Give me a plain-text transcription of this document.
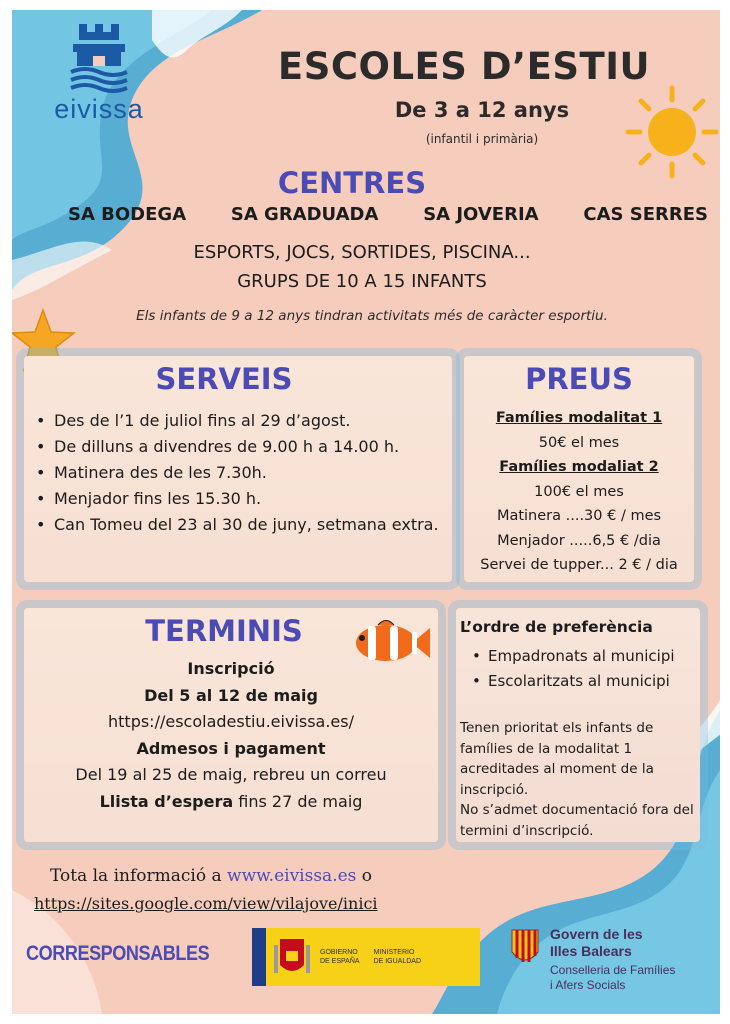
eivissa
ESCOLES D’ESTIU
De 3 a 12 anys
(infantil i primària)
CENTRES
SA BODEGA SA GRADUADA SA JOVERIA CAS SERRES
ESPORTS, JOCS, SORTIDES, PISCINA...
GRUPS DE 10 A 15 INFANTS
Els infants de 9 a 12 anys tindran activitats més de caràcter esportiu.
SERVEIS
• Des de l’1 de juliol fins al 29 d’agost.
• De dilluns a divendres de 9.00 h a 14.00 h.
• Matinera des de les 7.30h.
• Menjador fins les 15.30 h.
• Can Tomeu del 23 al 30 de juny, setmana extra.
PREUS
Famílies modalitat 1
50€ el mes
Famílies modaliat 2
100€ el mes
Matinera ....30 € / mes
Menjador .....6,5 € /dia
Servei de tupper... 2 € / dia
TERMINIS
Inscripció
Del 5 al 12 de maig
https://escoladestiu.eivissa.es/
Admesos i pagament
Del 19 al 25 de maig, rebreu un correu
Llista d’espera fins 27 de maig
L’ordre de preferència
• Empadronats al municipi
• Escolaritzats al municipi
Tenen prioritat els infants de famílies de la modalitat 1 acreditades al moment de la inscripció.
No s’admet documentació fora del termini d’inscripció.
Tota la informació a www.eivissa.es o
https://sites.google.com/view/vilajove/inici
CORRESPONSABLES	GOBIERNO
DE ESPAÑA
MINISTERIO
DE IGUALDAD
Govern de les
Illes Balears
Conselleria de Famílies
i Afers Socials
